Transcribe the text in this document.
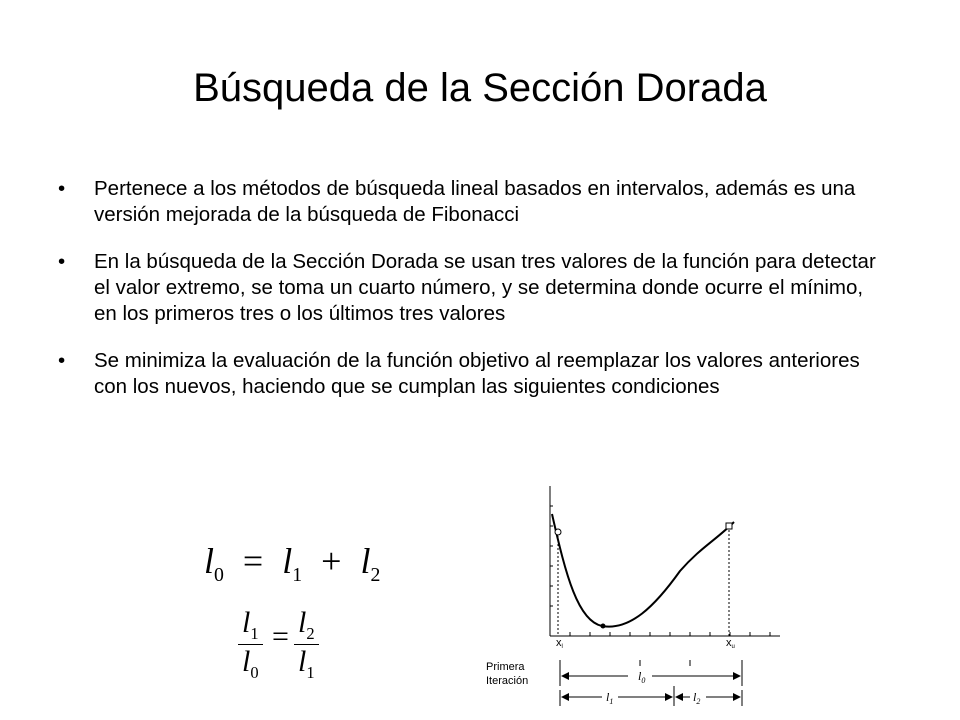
Búsqueda de la Sección Dorada
• Pertenece a los métodos de búsqueda lineal basados en intervalos, además es una versión mejorada de la búsqueda de Fibonacci
• En la búsqueda de la Sección Dorada se usan tres valores de la función para detectar el valor extremo, se toma un cuarto número, y se determina donde ocurre el mínimo, en los primeros tres o los últimos tres valores
• Se minimiza la evaluación de la función objetivo al reemplazar los valores anteriores con los nuevos, haciendo que se cumplan las siguientes condiciones
$l_0 = l_1 + l_2$
$\frac{l_1}{l_0} = \frac{l_2}{l_1}$	xl	xu
Primera
Iteración	$l_0$
$l_1$	$l_2$
